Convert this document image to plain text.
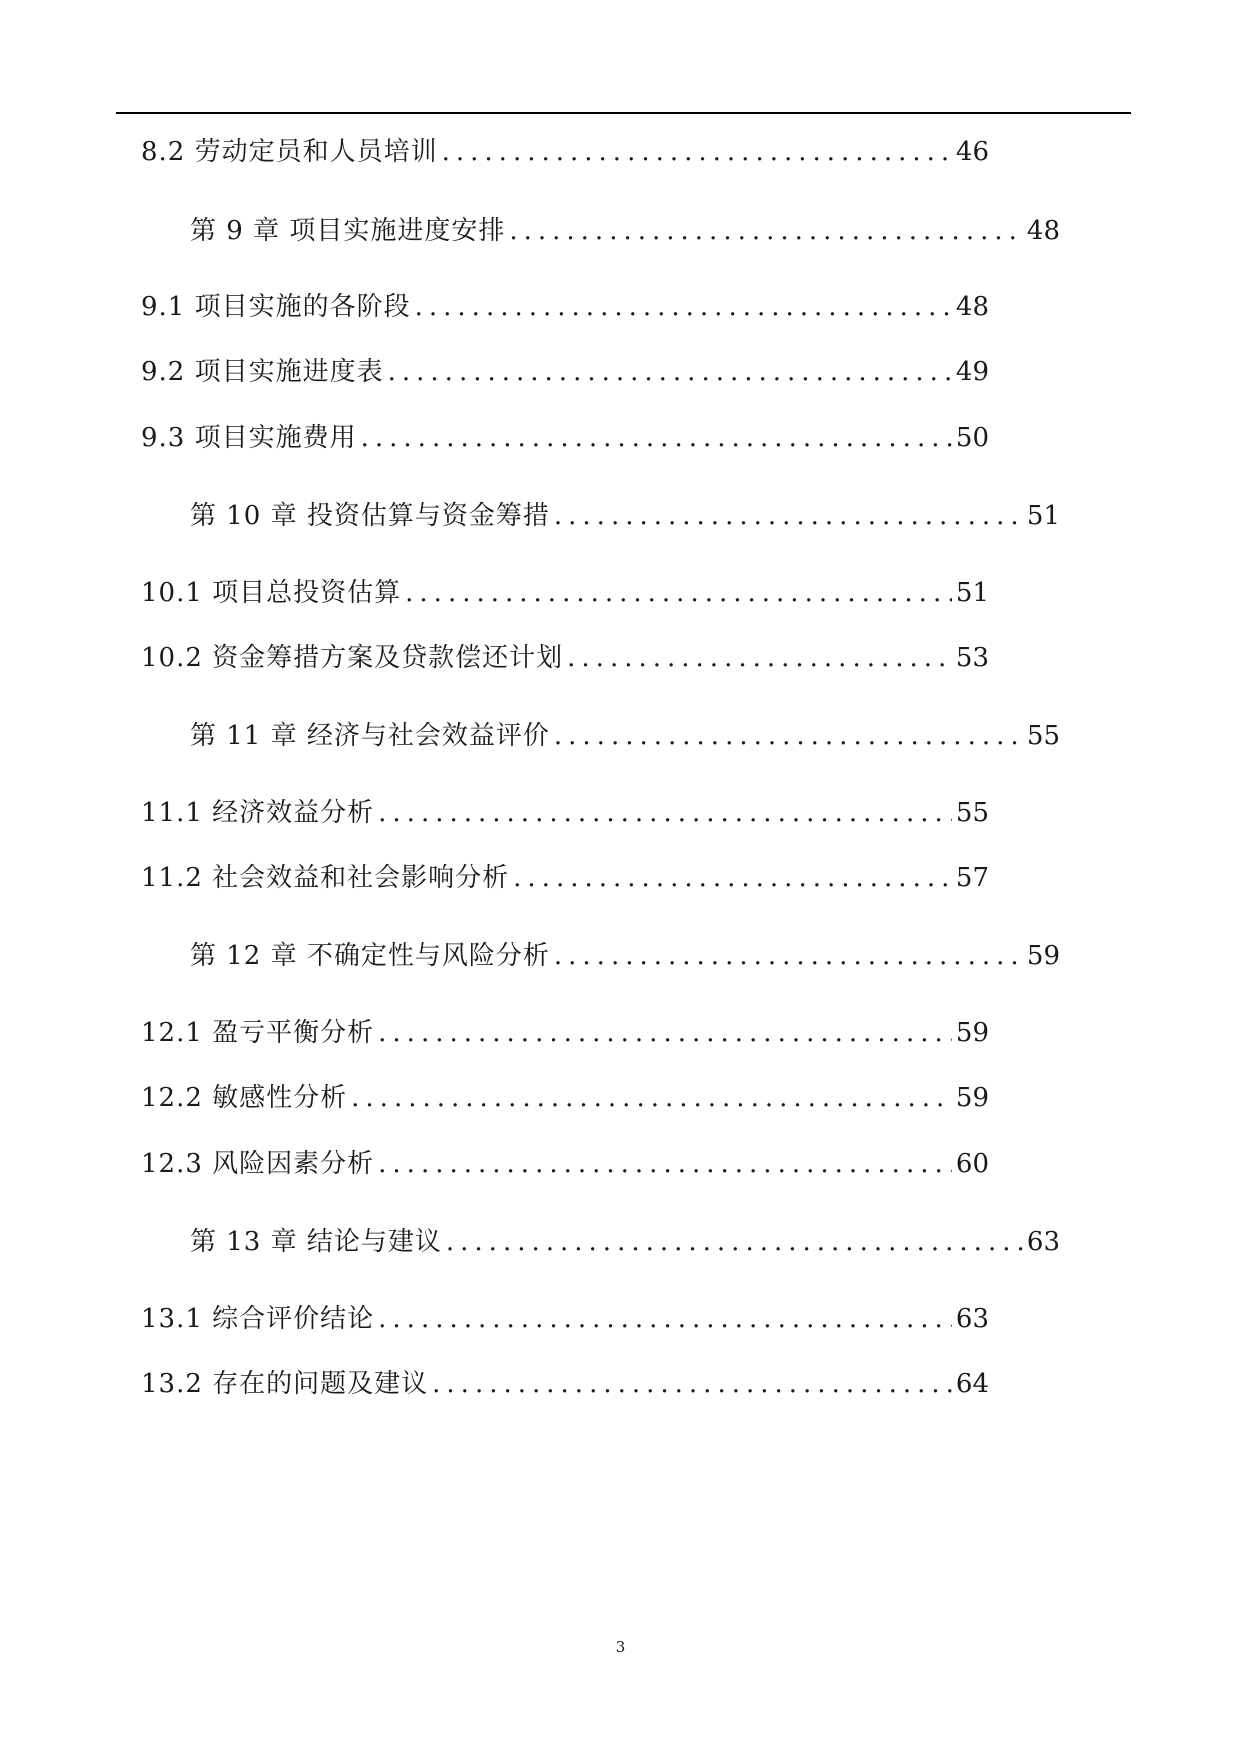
8.2 劳动定员和人员培训 .....	46
第 9 章 项目实施进度安排 .....	48
9.1 项目实施的各阶段 .....	48
9.2 项目实施进度表 .....	49
9.3 项目实施费用 .....	50
第 10 章 投资估算与资金筹措 .....	51
10.1 项目总投资估算 .....	51
10.2 资金筹措方案及贷款偿还计划 .....	53
第 11 章 经济与社会效益评价 .....	55
11.1 经济效益分析 .....	55
11.2 社会效益和社会影响分析 .....	57
第 12 章 不确定性与风险分析 .....	59
12.1 盈亏平衡分析 .....	59
12.2 敏感性分析 .....	59
12.3 风险因素分析 .....	60
第 13 章 结论与建议 .....	63
13.1 综合评价结论 .....	63
13.2 存在的问题及建议 .....	64
3
